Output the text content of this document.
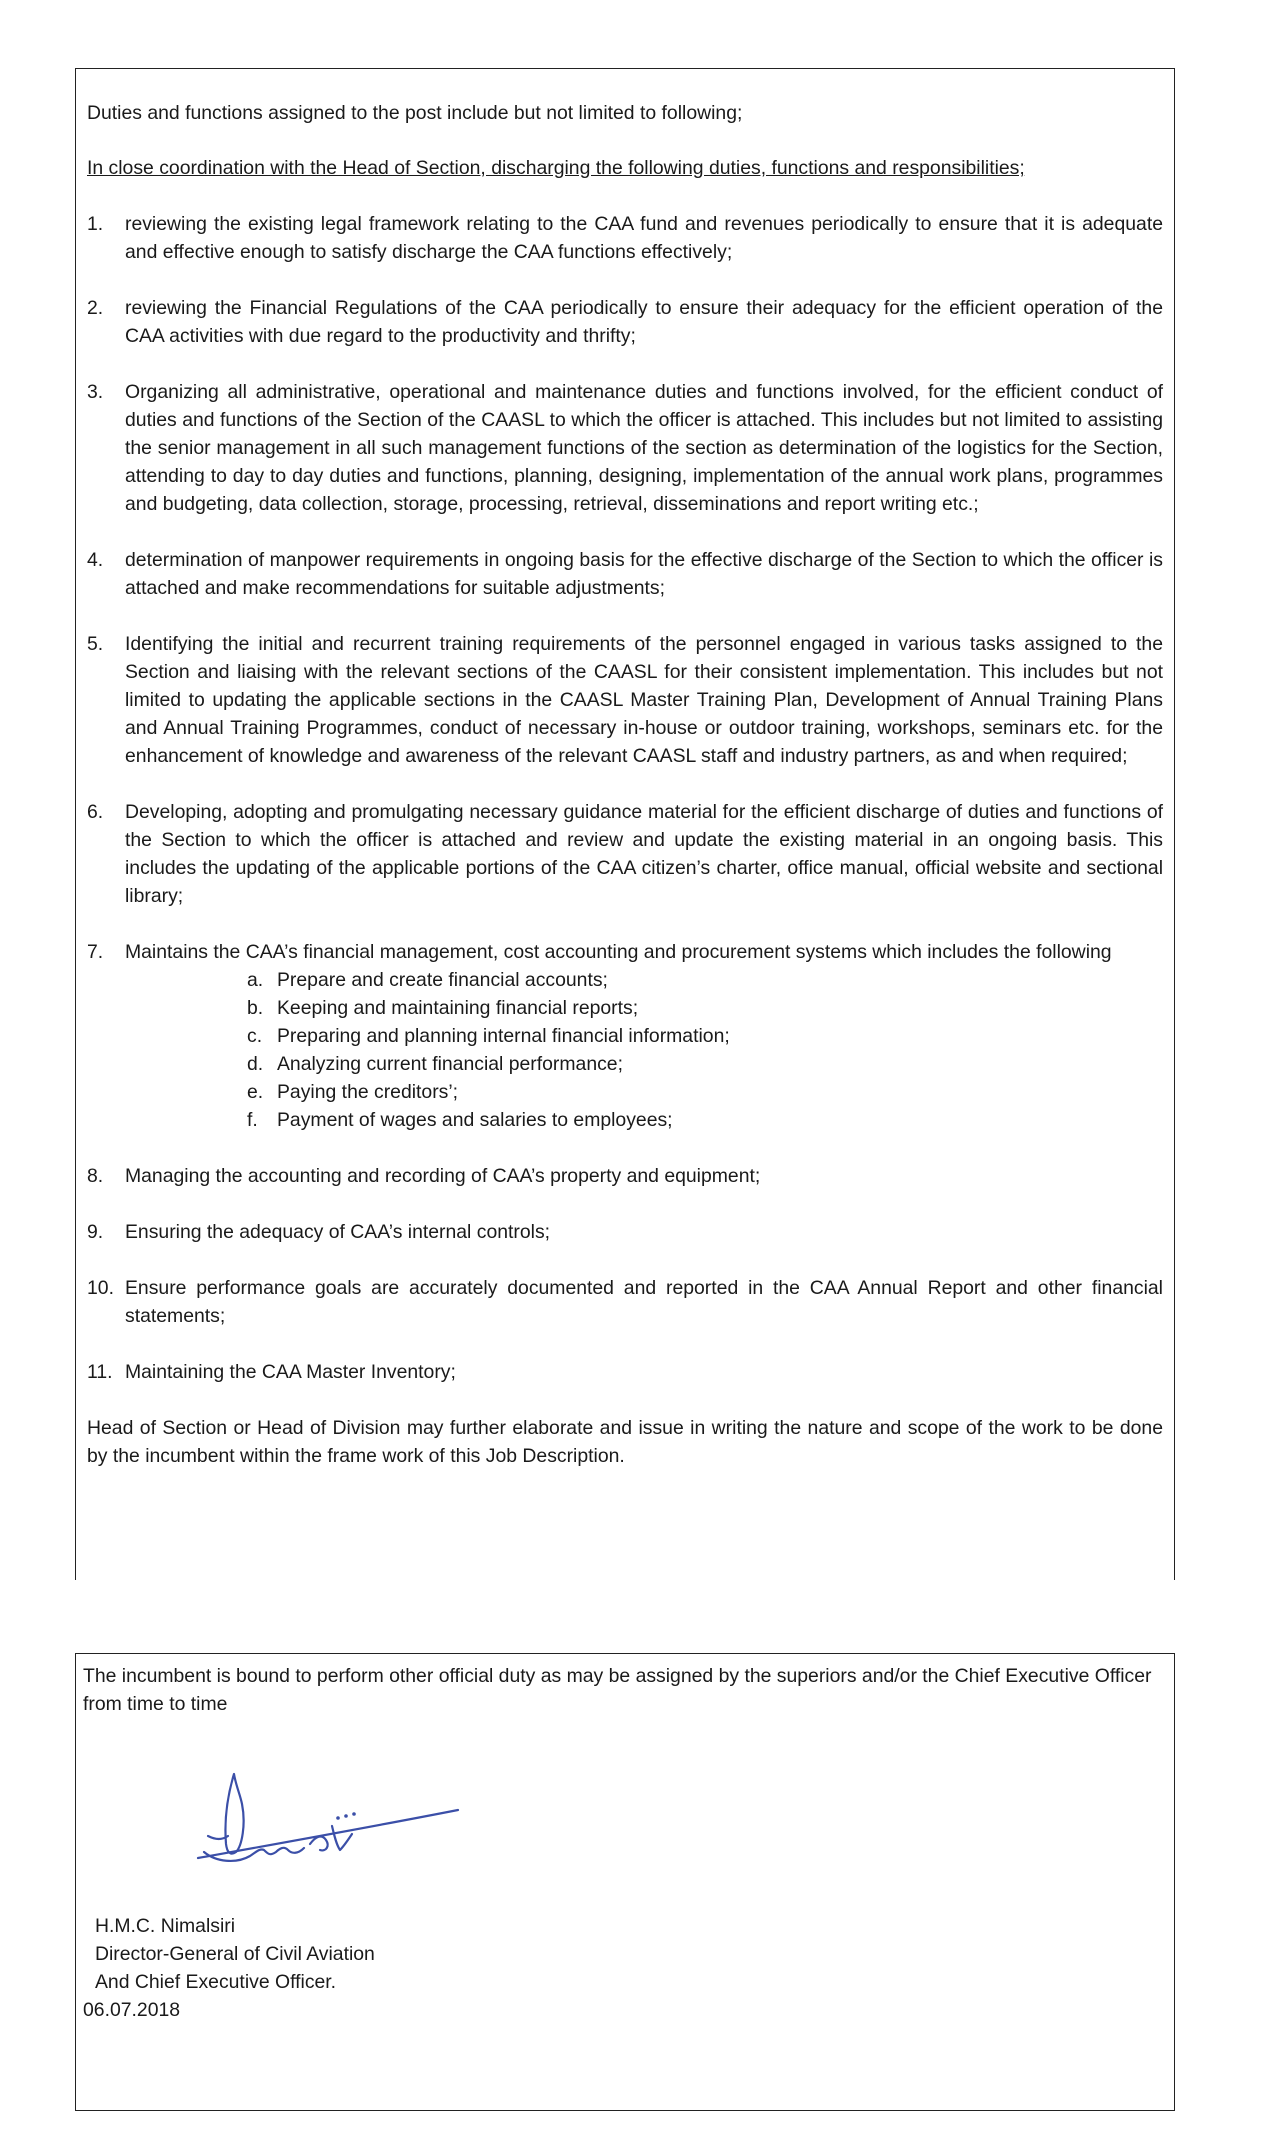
Duties and functions assigned to the post include but not limited to following;

In close coordination with the Head of Section, discharging the following duties, functions and responsibilities;

1. reviewing the existing legal framework relating to the CAA fund and revenues periodically to ensure that it is adequate and effective enough to satisfy discharge the CAA functions effectively;
2. reviewing the Financial Regulations of the CAA periodically to ensure their adequacy for the efficient operation of the CAA activities with due regard to the productivity and thrifty;
3. Organizing all administrative, operational and maintenance duties and functions involved, for the efficient conduct of duties and functions of the Section of the CAASL to which the officer is attached. This includes but not limited to assisting the senior management in all such management functions of the section as determination of the logistics for the Section, attending to day to day duties and functions, planning, designing, implementation of the annual work plans, programmes and budgeting, data collection, storage, processing, retrieval, disseminations and report writing etc.;
4. determination of manpower requirements in ongoing basis for the effective discharge of the Section to which the officer is attached and make recommendations for suitable adjustments;
5. Identifying the initial and recurrent training requirements of the personnel engaged in various tasks assigned to the Section and liaising with the relevant sections of the CAASL for their consistent implementation. This includes but not limited to updating the applicable sections in the CAASL Master Training Plan, Development of Annual Training Plans and Annual Training Programmes, conduct of necessary in-house or outdoor training, workshops, seminars etc. for the enhancement of knowledge and awareness of the relevant CAASL staff and industry partners, as and when required;
6. Developing, adopting and promulgating necessary guidance material for the efficient discharge of duties and functions of the Section to which the officer is attached and review and update the existing material in an ongoing basis. This includes the updating of the applicable portions of the CAA citizen’s charter, office manual, official website and sectional library;
7. Maintains the CAA’s financial management, cost accounting and procurement systems which includes the following
a. Prepare and create financial accounts;
b. Keeping and maintaining financial reports;
c. Preparing and planning internal financial information;
d. Analyzing current financial performance;
e. Paying the creditors’;
f. Payment of wages and salaries to employees;
8. Managing the accounting and recording of CAA’s property and equipment;
9. Ensuring the adequacy of CAA’s internal controls;
10. Ensure performance goals are accurately documented and reported in the CAA Annual Report and other financial statements;
11. Maintaining the CAA Master Inventory;

Head of Section or Head of Division may further elaborate and issue in writing the nature and scope of the work to be done by the incumbent within the frame work of this Job Description.

The incumbent is bound to perform other official duty as may be assigned by the superiors and/or the Chief Executive Officer from time to time
H.M.C. Nimalsiri
Director-General of Civil Aviation
And Chief Executive Officer.
06.07.2018
